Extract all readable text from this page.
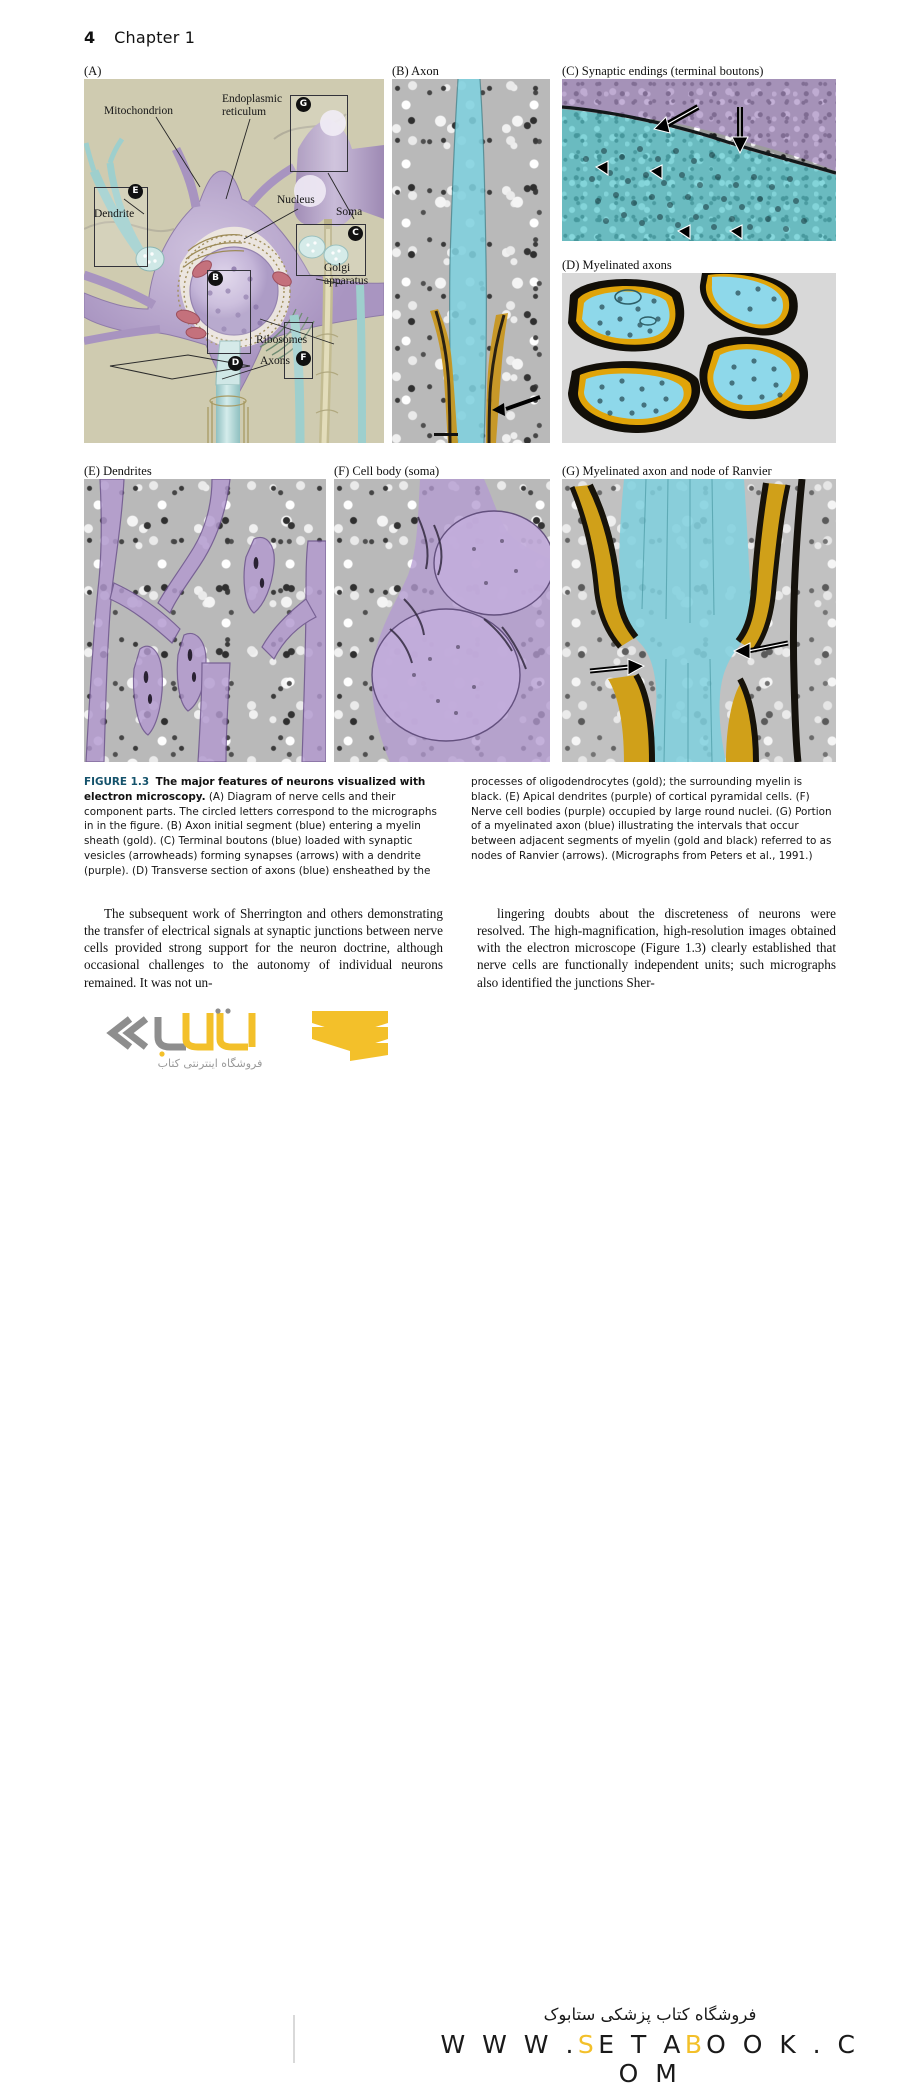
4 Chapter 1
(A)	(B) Axon	(C) Synaptic endings (terminal boutons)
(D) Myelinated axons
(E) Dendrites	(F) Cell body (soma)	(G) Myelinated axon and node of Ranvier
E
B
G
C
F
D
Mitochondrion
Endoplasmic
reticulum
Nucleus
Soma
Golgi
apparatus
Dendrite
Ribosomes
Axons
FIGURE 1.3 The major features of neurons visualized with electron microscopy. (A) Diagram of nerve cells and their component parts. The circled letters correspond to the micrographs in in the figure. (B) Axon initial segment (blue) entering a myelin sheath (gold). (C) Terminal boutons (blue) loaded with synaptic vesicles (arrowheads) forming synapses (arrows) with a dendrite (purple). (D) Transverse section of axons (blue) ensheathed by the processes of oligodendrocytes (gold); the surrounding myelin is black. (E) Apical dendrites (purple) of cortical pyramidal cells. (F) Nerve cell bodies (purple) occupied by large round nuclei. (G) Portion of a myelinated axon (blue) illustrating the intervals that occur between adjacent segments of myelin (gold and black) referred to as nodes of Ranvier (arrows). (Micrographs from Peters et al., 1991.)

The subsequent work of Sherrington and others demonstrating the transfer of electrical signals at synaptic junctions between nerve cells provided strong support for the neuron doctrine, although occasional challenges to the autonomy of individual neurons remained. It was not un-

lingering doubts about the discreteness of neurons were resolved. The high-magnification, high-resolution images obtained with the electron microscope (Figure 1.3) clearly established that nerve cells are functionally independent units; such micrographs also identified the junctions Sher-

فروشگاه اینترنتی کتاب
فروشگاه کتاب پزشکی ستابوک
W W W .SE T ABO O K . C O M
